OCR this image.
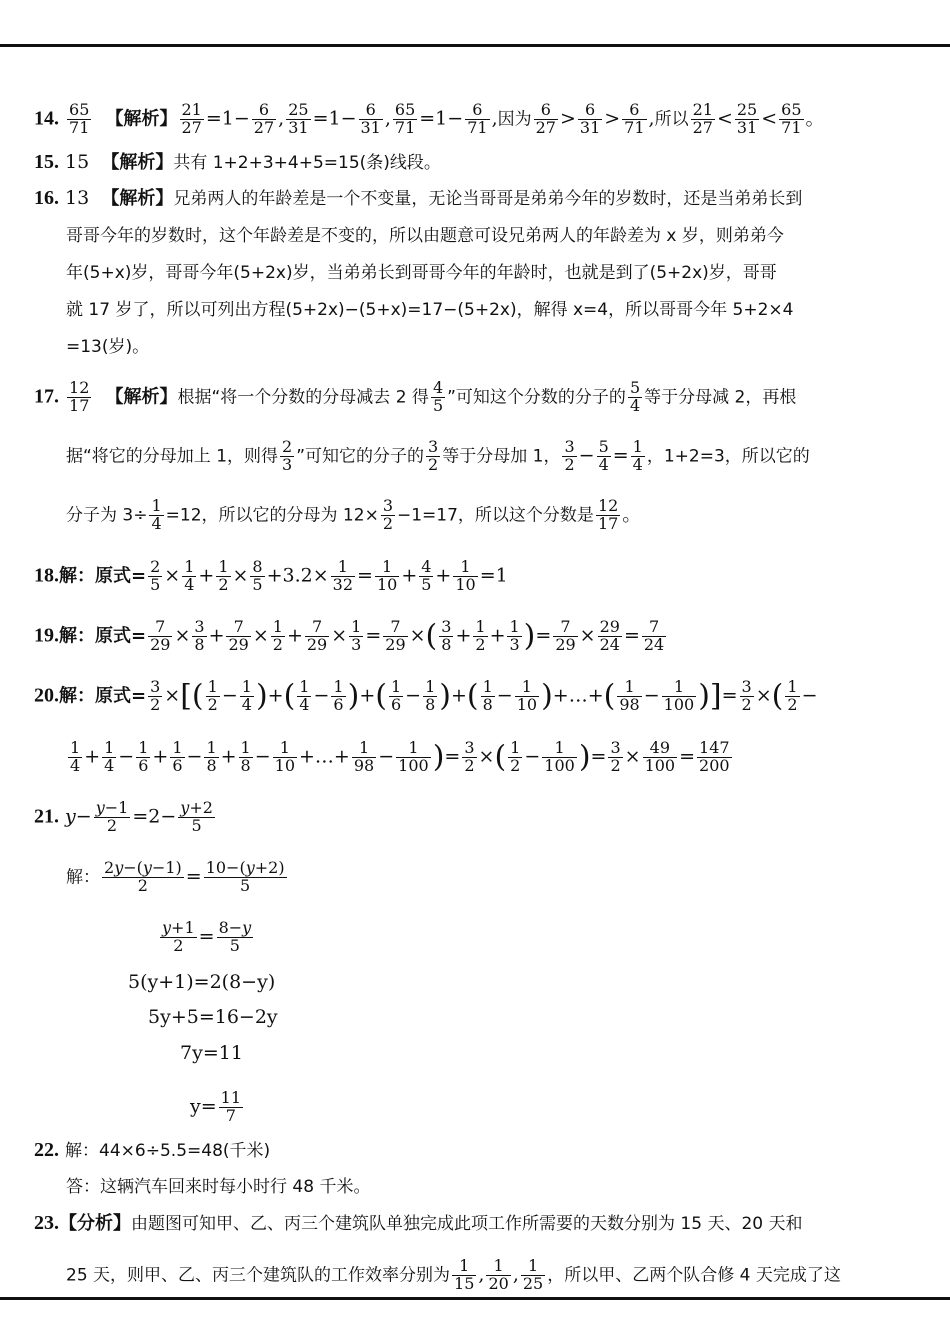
14. $\frac{65}{71}$ 【解析】 $\frac{21}{27} =1- \frac{6}{27}$ , $\frac{25}{31} =1- \frac{6}{31}$ , $\frac{65}{71} =1- \frac{6}{71}$ ,因为 $\frac{6}{27} > \frac{6}{31} > \frac{6}{71}$ ,所以 $\frac{21}{27} < \frac{25}{31} < \frac{65}{71}$ 。
15. 15 【解析】共有 1+2+3+4+5=15(条)线段。
16. 13 【解析】兄弟两人的年龄差是一个不变量，无论当哥哥是弟弟今年的岁数时，还是当弟弟长到
哥哥今年的岁数时，这个年龄差是不变的，所以由题意可设兄弟两人的年龄差为 x 岁，则弟弟今
年(5+x)岁，哥哥今年(5+2x)岁，当弟弟长到哥哥今年的年龄时，也就是到了(5+2x)岁，哥哥
就 17 岁了，所以可列出方程(5+2x)−(5+x)=17−(5+2x)，解得 x=4，所以哥哥今年 5+2×4
=13(岁)。
17. $\frac{12}{17}$ 【解析】根据“将一个分数的分母减去 2 得 $\frac{4}{5}$ ”可知这个分数的分子的 $\frac{5}{4}$ 等于分母减 2，再根
据“将它的分母加上 1，则得 $\frac{2}{3}$ ”可知它的分子的 $\frac{3}{2}$ 等于分母加 1， $\frac{3}{2} - \frac{5}{4} = \frac{1}{4}$ ，1+2=3，所以它的
分子为 $3\div \frac{1}{4} =12$，所以它的分母为 $12\times \frac{3}{2} -1=17$，所以这个分数是 $\frac{12}{17}$ 。
18.解：原式= $\frac{2}{5} \times \frac{1}{4} + \frac{1}{2} \times \frac{8}{5} +3.2\times \frac{1}{32} = \frac{1}{10} + \frac{4}{5} + \frac{1}{10} =1$
19.解：原式= $\frac{7}{29} \times \frac{3}{8} + \frac{7}{29} \times \frac{1}{2} + \frac{7}{29} \times \frac{1}{3} = \frac{7}{29}$ ×( $\frac{3}{8} + \frac{1}{2} + \frac{1}{3}$ )= $\frac{7}{29} \times \frac{29}{24} = \frac{7}{24}$
20.解：原式= $\frac{3}{2}$ ×[( $\frac{1}{2} - \frac{1}{4}$ )+( $\frac{1}{4} - \frac{1}{6}$ )+( $\frac{1}{6} - \frac{1}{8}$ )+( $\frac{1}{8} - \frac{1}{10}$ )+…+( $\frac{1}{98} - \frac{1}{100}$ )]= $\frac{3}{2}$ ×( $\frac{1}{2}$ −
$\frac{1}{4} + \frac{1}{4} - \frac{1}{6} + \frac{1}{6} - \frac{1}{8} + \frac{1}{8} - \frac{1}{10}$ +…+ $\frac{1}{98} - \frac{1}{100}$ )= $\frac{3}{2}$ ×( $\frac{1}{2} - \frac{1}{100}$ )= $\frac{3}{2} \times \frac{49}{100} = \frac{147}{200}$
21. $y- \frac{y-1}{2} =2- \frac{y+2}{5}$
解： $\frac{2y-(y-1)}{2} = \frac{10-(y+2)}{5}$
$\frac{y+1}{2} = \frac{8-y}{5}$
5(y+1)=2(8−y)
5y+5=16−2y
7y=11
$y= \frac{11}{7}$
22. 解：44×6÷5.5=48(千米)
答：这辆汽车回来时每小时行 48 千米。
23.【分析】由题图可知甲、乙、丙三个建筑队单独完成此项工作所需要的天数分别为 15 天、20 天和
25 天，则甲、乙、丙三个建筑队的工作效率分别为 $\frac{1}{15}$ , $\frac{1}{20}$ , $\frac{1}{25}$ ，所以甲、乙两个队合修 4 天完成了这
